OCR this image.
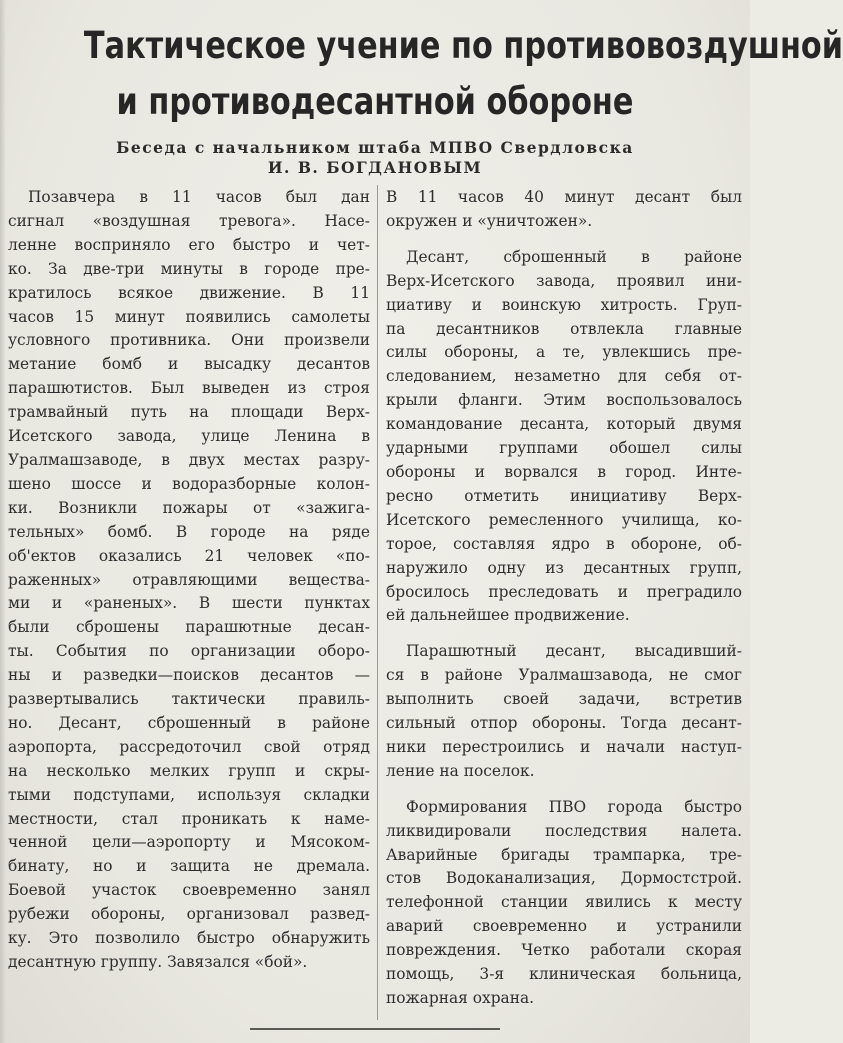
Тактическое учение по противовоздушной
и противодесантной обороне
Беседа с начальником штаба МПВО Свердловска
И. В. БОГДАНОВЫМ
Позавчера в 11 часов был дан
сигнал «воздушная тревога». Насе-
ленне восприняло его быстро и чет-
ко. За две-три минуты в городе пре-
кратилось всякое движение. В 11
часов 15 минут появились самолеты
условного противника. Они произвели
метание бомб и высадку десантов
парашютистов. Был выведен из строя
трамвайный путь на площади Верх-
Исетского завода, улице Ленина в
Уралмашзаводе, в двух местах разру-
шено шоссе и водоразборные колон-
ки. Возникли пожары от «зажига-
тельных» бомб. В городе на ряде
об'ектов оказались 21 человек «по-
раженных» отравляющими вещества-
ми и «раненых». В шести пунктах
были сброшены парашютные десан-
ты. События по организации оборо-
ны и разведки—поисков десантов —
развертывались тактически правиль-
но. Десант, сброшенный в районе
аэропорта, рассредоточил свой отряд
на несколько мелких групп и скры-
тыми подступами, используя складки
местности, стал проникать к наме-
ченной цели—аэропорту и Мясоком-
бинату, но и защита не дремала.
Боевой участок своевременно занял
рубежи обороны, организовал развед-
ку. Это позволило быстро обнаружить
десантную группу. Завязался «бой».

В 11 часов 40 минут десант был
окружен и «уничтожен».

Десант, сброшенный в районе
Верх-Исетского завода, проявил ини-
циативу и воинскую хитрость. Груп-
па десантников отвлекла главные
силы обороны, а те, увлекшись пре-
следованием, незаметно для себя от-
крыли фланги. Этим воспользовалось
командование десанта, который двумя
ударными группами обошел силы
обороны и ворвался в город. Инте-
ресно отметить инициативу Верх-
Исетского ремесленного училища, ко-
торое, составляя ядро в обороне, об-
наружило одну из десантных групп,
бросилось преследовать и преградило
ей дальнейшее продвижение.

Парашютный десант, высадивший-
ся в районе Уралмашзавода, не смог
выполнить своей задачи, встретив
сильный отпор обороны. Тогда десант-
ники перестроились и начали наступ-
ление на поселок.

Формирования ПВО города быстро
ликвидировали последствия налета.
Аварийные бригады трампарка, тре-
стов Водоканализация, Дормостстрой.
телефонной станции явились к месту
аварий своевременно и устранили
повреждения. Четко работали скорая
помощь, 3-я клиническая больница,
пожарная охрана.
